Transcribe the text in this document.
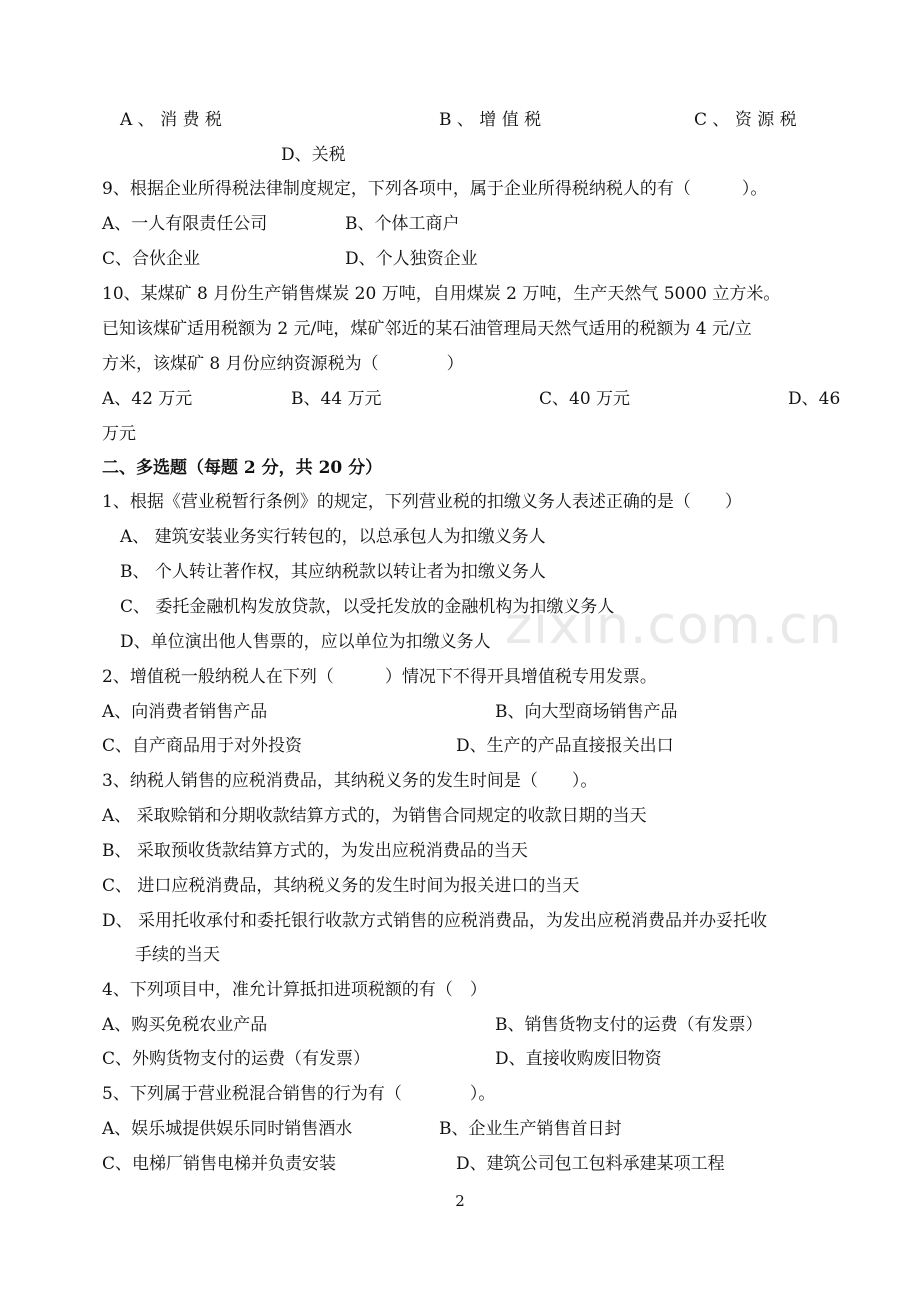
zixin.com.cn
A 、 消 费 税	B 、 增 值 税	C 、 资 源 税
D、关税
9、根据企业所得税法律制度规定，下列各项中，属于企业所得税纳税人的有（　　　）。
A、一人有限责任公司	B、个体工商户
C、合伙企业	D、个人独资企业
10、某煤矿 8 月份生产销售煤炭 20 万吨，自用煤炭 2 万吨，生产天然气 5000 立方米。
已知该煤矿适用税额为 2 元/吨，煤矿邻近的某石油管理局天然气适用的税额为 4 元/立
方米，该煤矿 8 月份应纳资源税为（　　　　）
A、42 万元	B、44 万元	C、40 万元	D、46
万元
二、多选题（每题 2 分，共 20 分）
1、根据《营业税暂行条例》的规定，下列营业税的扣缴义务人表述正确的是（　　）
A、 建筑安装业务实行转包的，以总承包人为扣缴义务人
B、 个人转让著作权，其应纳税款以转让者为扣缴义务人
C、 委托金融机构发放贷款，以受托发放的金融机构为扣缴义务人
D、单位演出他人售票的，应以单位为扣缴义务人
2、增值税一般纳税人在下列（　　　）情况下不得开具增值税专用发票。
A、向消费者销售产品	B、向大型商场销售产品
C、自产商品用于对外投资	D、生产的产品直接报关出口
3、纳税人销售的应税消费品，其纳税义务的发生时间是（　　）。
A、 采取赊销和分期收款结算方式的，为销售合同规定的收款日期的当天
B、 采取预收货款结算方式的，为发出应税消费品的当天
C、 进口应税消费品，其纳税义务的发生时间为报关进口的当天
D、 采用托收承付和委托银行收款方式销售的应税消费品，为发出应税消费品并办妥托收
手续的当天
4、下列项目中，准允计算抵扣进项税额的有（　）
A、购买免税农业产品	B、销售货物支付的运费（有发票）
C、外购货物支付的运费（有发票）	D、直接收购废旧物资
5、下列属于营业税混合销售的行为有（　　　　）。
A、娱乐城提供娱乐同时销售酒水	B、企业生产销售首日封
C、电梯厂销售电梯并负责安装	D、建筑公司包工包料承建某项工程
2
